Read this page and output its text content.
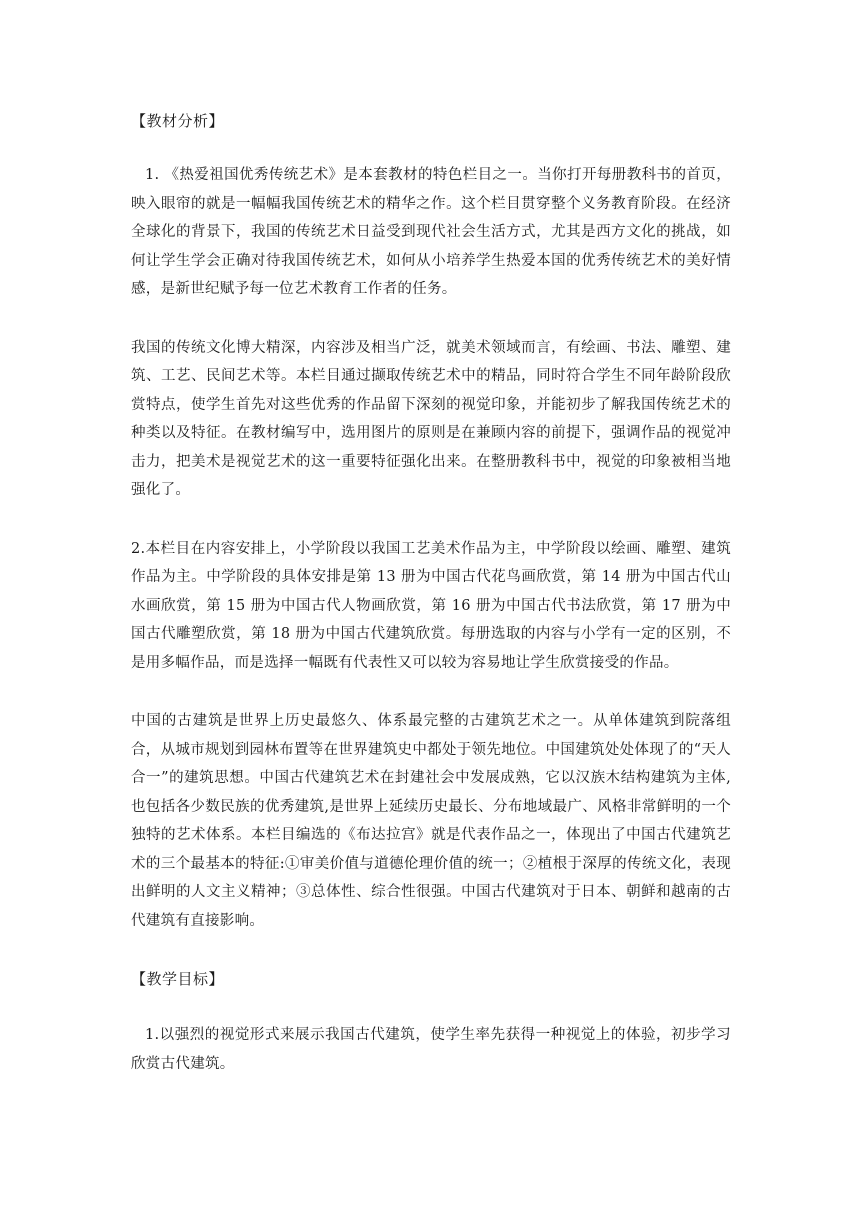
【教材分析】

1. 《热爱祖国优秀传统艺术》是本套教材的特色栏目之一。当你打开每册教科书的首页，映入眼帘的就是一幅幅我国传统艺术的精华之作。这个栏目贯穿整个义务教育阶段。在经济全球化的背景下，我国的传统艺术日益受到现代社会生活方式，尤其是西方文化的挑战，如何让学生学会正确对待我国传统艺术，如何从小培养学生热爱本国的优秀传统艺术的美好情感，是新世纪赋予每一位艺术教育工作者的任务。

我国的传统文化博大精深，内容涉及相当广泛，就美术领域而言，有绘画、书法、雕塑、建筑、工艺、民间艺术等。本栏目通过撷取传统艺术中的精品，同时符合学生不同年龄阶段欣赏特点，使学生首先对这些优秀的作品留下深刻的视觉印象，并能初步了解我国传统艺术的种类以及特征。在教材编写中，选用图片的原则是在兼顾内容的前提下，强调作品的视觉冲击力，把美术是视觉艺术的这一重要特征强化出来。在整册教科书中，视觉的印象被相当地强化了。

2.本栏目在内容安排上，小学阶段以我国工艺美术作品为主，中学阶段以绘画、雕塑、建筑作品为主。中学阶段的具体安排是第 13 册为中国古代花鸟画欣赏，第 14 册为中国古代山水画欣赏，第 15 册为中国古代人物画欣赏，第 16 册为中国古代书法欣赏，第 17 册为中国古代雕塑欣赏，第 18 册为中国古代建筑欣赏。每册选取的内容与小学有一定的区别，不是用多幅作品，而是选择一幅既有代表性又可以较为容易地让学生欣赏接受的作品。

中国的古建筑是世界上历史最悠久、体系最完整的古建筑艺术之一。从单体建筑到院落组合，从城市规划到园林布置等在世界建筑史中都处于领先地位。中国建筑处处体现了的“天人合一”的建筑思想。中国古代建筑艺术在封建社会中发展成熟，它以汉族木结构建筑为主体,也包括各少数民族的优秀建筑,是世界上延续历史最长、分布地域最广、风格非常鲜明的一个独特的艺术体系。本栏目编选的《布达拉宫》就是代表作品之一，体现出了中国古代建筑艺术的三个最基本的特征:①审美价值与道德伦理价值的统一；②植根于深厚的传统文化，表现出鲜明的人文主义精神；③总体性、综合性很强。中国古代建筑对于日本、朝鲜和越南的古代建筑有直接影响。

【教学目标】

1.以强烈的视觉形式来展示我国古代建筑，使学生率先获得一种视觉上的体验，初步学习欣赏古代建筑。
